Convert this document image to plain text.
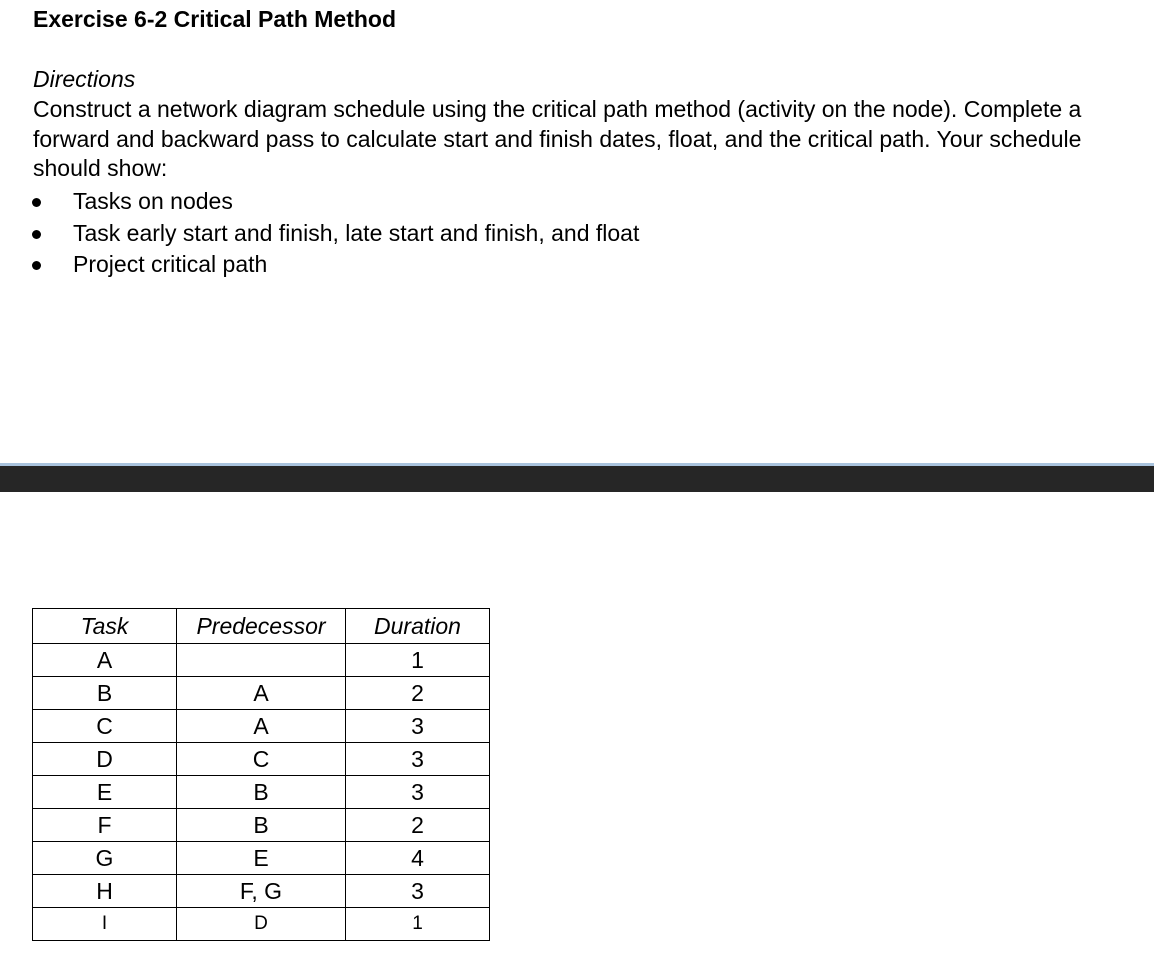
Exercise 6-2 Critical Path Method
Directions
Construct a network diagram schedule using the critical path method (activity on the node). Complete a forward and backward pass to calculate start and finish dates, float, and the critical path. Your schedule should show:
Tasks on nodes
Task early start and finish, late start and finish, and float
Project critical path
Task	Predecessor	Duration
A		1
B	A	2
C	A	3
D	C	3
E	B	3
F	B	2
G	E	4
H	F, G	3
I	D	1
